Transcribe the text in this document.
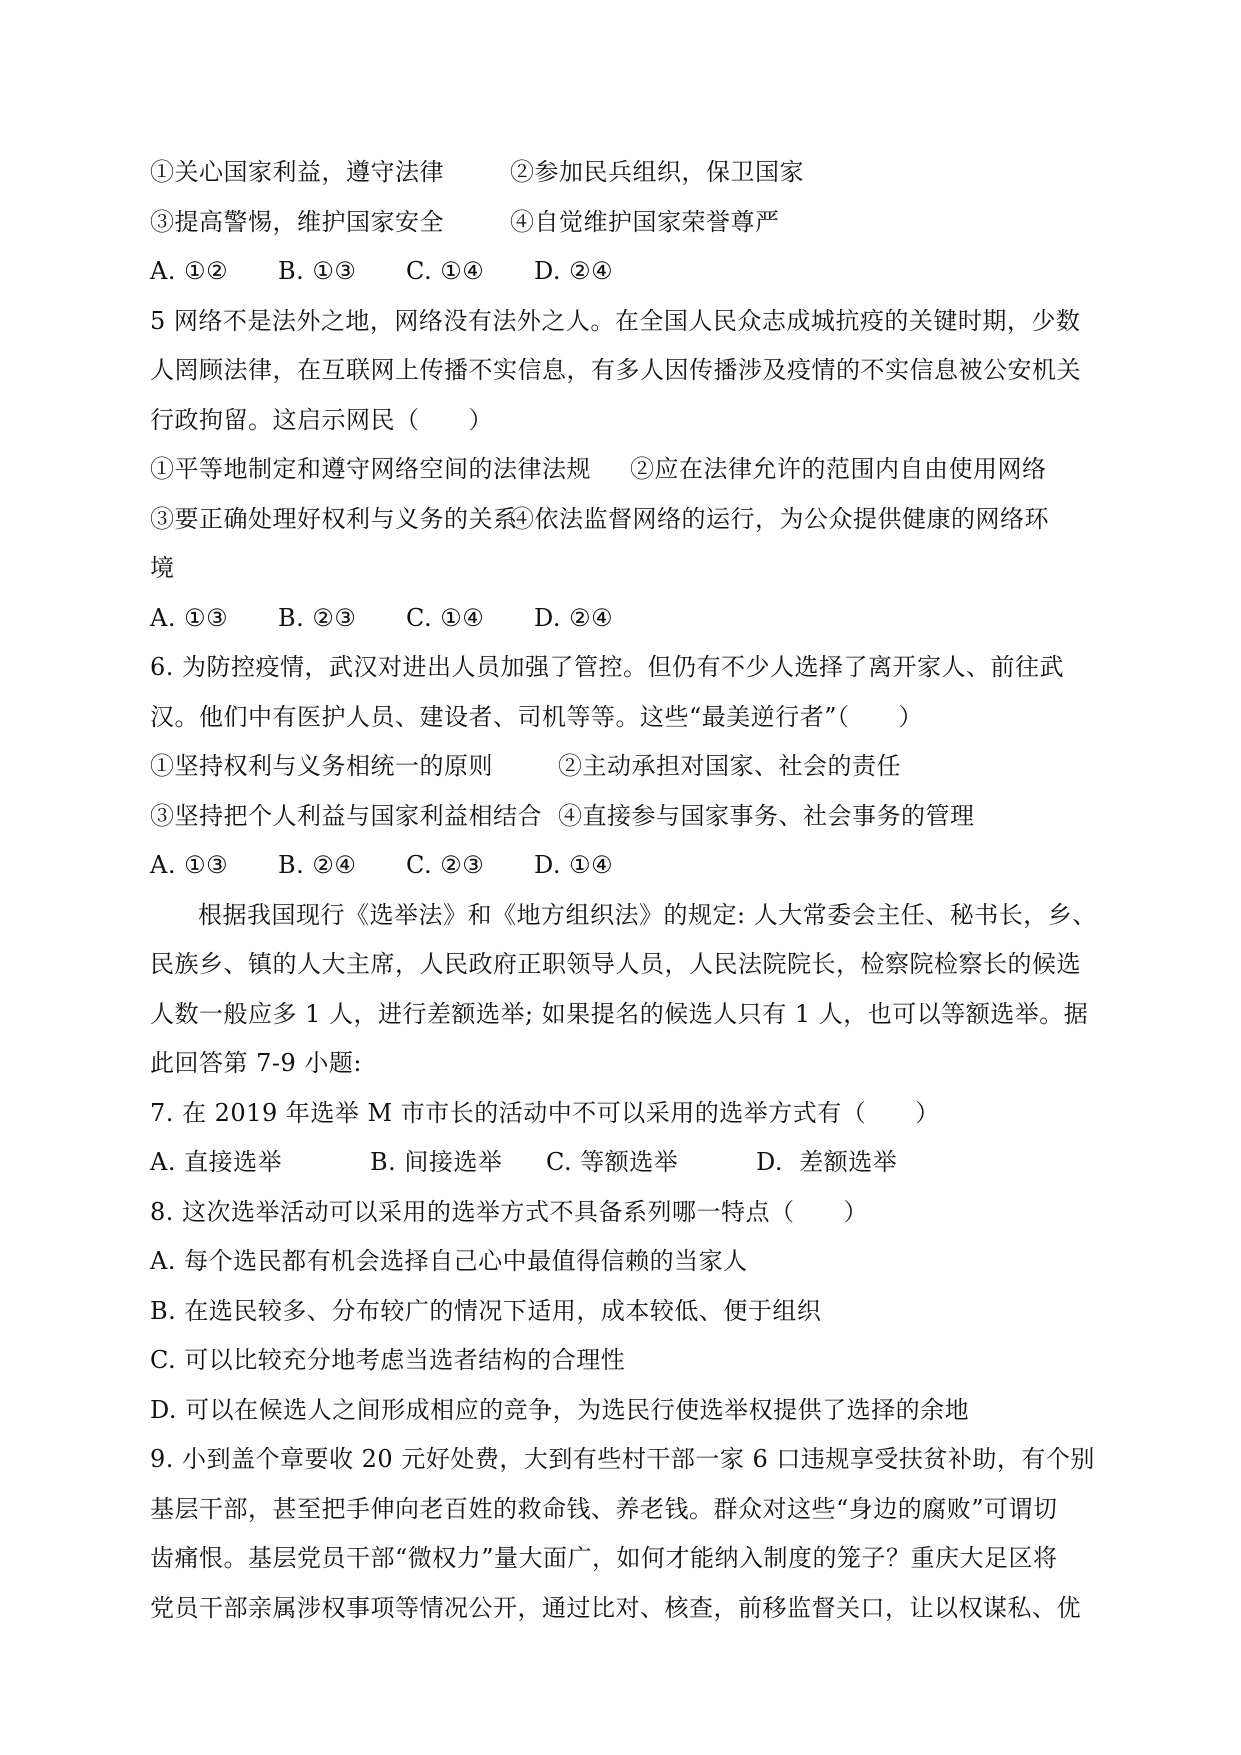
①关心国家利益，遵守法律	②参加民兵组织，保卫国家
③提高警惕，维护国家安全	④自觉维护国家荣誉尊严
A. ①②	B. ①③	C. ①④	D. ②④
5 网络不是法外之地，网络没有法外之人。在全国人民众志成城抗疫的关键时期，少数
人罔顾法律，在互联网上传播不实信息，有多人因传播涉及疫情的不实信息被公安机关
行政拘留。这启示网民（　　）
①平等地制定和遵守网络空间的法律法规	②应在法律允许的范围内自由使用网络
③要正确处理好权利与义务的关系
④依法监督网络的运行，为公众提供健康的网络环
境
A. ①③	B. ②③	C. ①④	D. ②④
6. 为防控疫情，武汉对进出人员加强了管控。但仍有不少人选择了离开家人、前往武
汉。他们中有医护人员、建设者、司机等等。这些“最美逆行者”（　　）
①坚持权利与义务相统一的原则	②主动承担对国家、社会的责任
③坚持把个人利益与国家利益相结合 ④直接参与国家事务、社会事务的管理
A. ①③	B. ②④	C. ②③	D. ①④
根据我国现行《选举法》和《地方组织法》的规定: 人大常委会主任、秘书长，乡、
民族乡、镇的人大主席，人民政府正职领导人员，人民法院院长，检察院检察长的候选
人数一般应多 1 人，进行差额选举; 如果提名的候选人只有 1 人，也可以等额选举。据
此回答第 7-9 小题:
7. 在 2019 年选举 M 市市长的活动中不可以采用的选举方式有（　　）
A. 直接选举	B. 间接选举	C. 等额选举	D.  差额选举
8. 这次选举活动可以采用的选举方式不具备系列哪一特点（　　）
A. 每个选民都有机会选择自己心中最值得信赖的当家人
B. 在选民较多、分布较广的情况下适用，成本较低、便于组织
C. 可以比较充分地考虑当选者结构的合理性
D. 可以在候选人之间形成相应的竞争，为选民行使选举权提供了选择的余地
9. 小到盖个章要收 20 元好处费，大到有些村干部一家 6 口违规享受扶贫补助，有个别
基层干部，甚至把手伸向老百姓的救命钱、养老钱。群众对这些“身边的腐败”可谓切
齿痛恨。基层党员干部“微权力”量大面广，如何才能纳入制度的笼子？重庆大足区将
党员干部亲属涉权事项等情况公开，通过比对、核查，前移监督关口，让以权谋私、优
